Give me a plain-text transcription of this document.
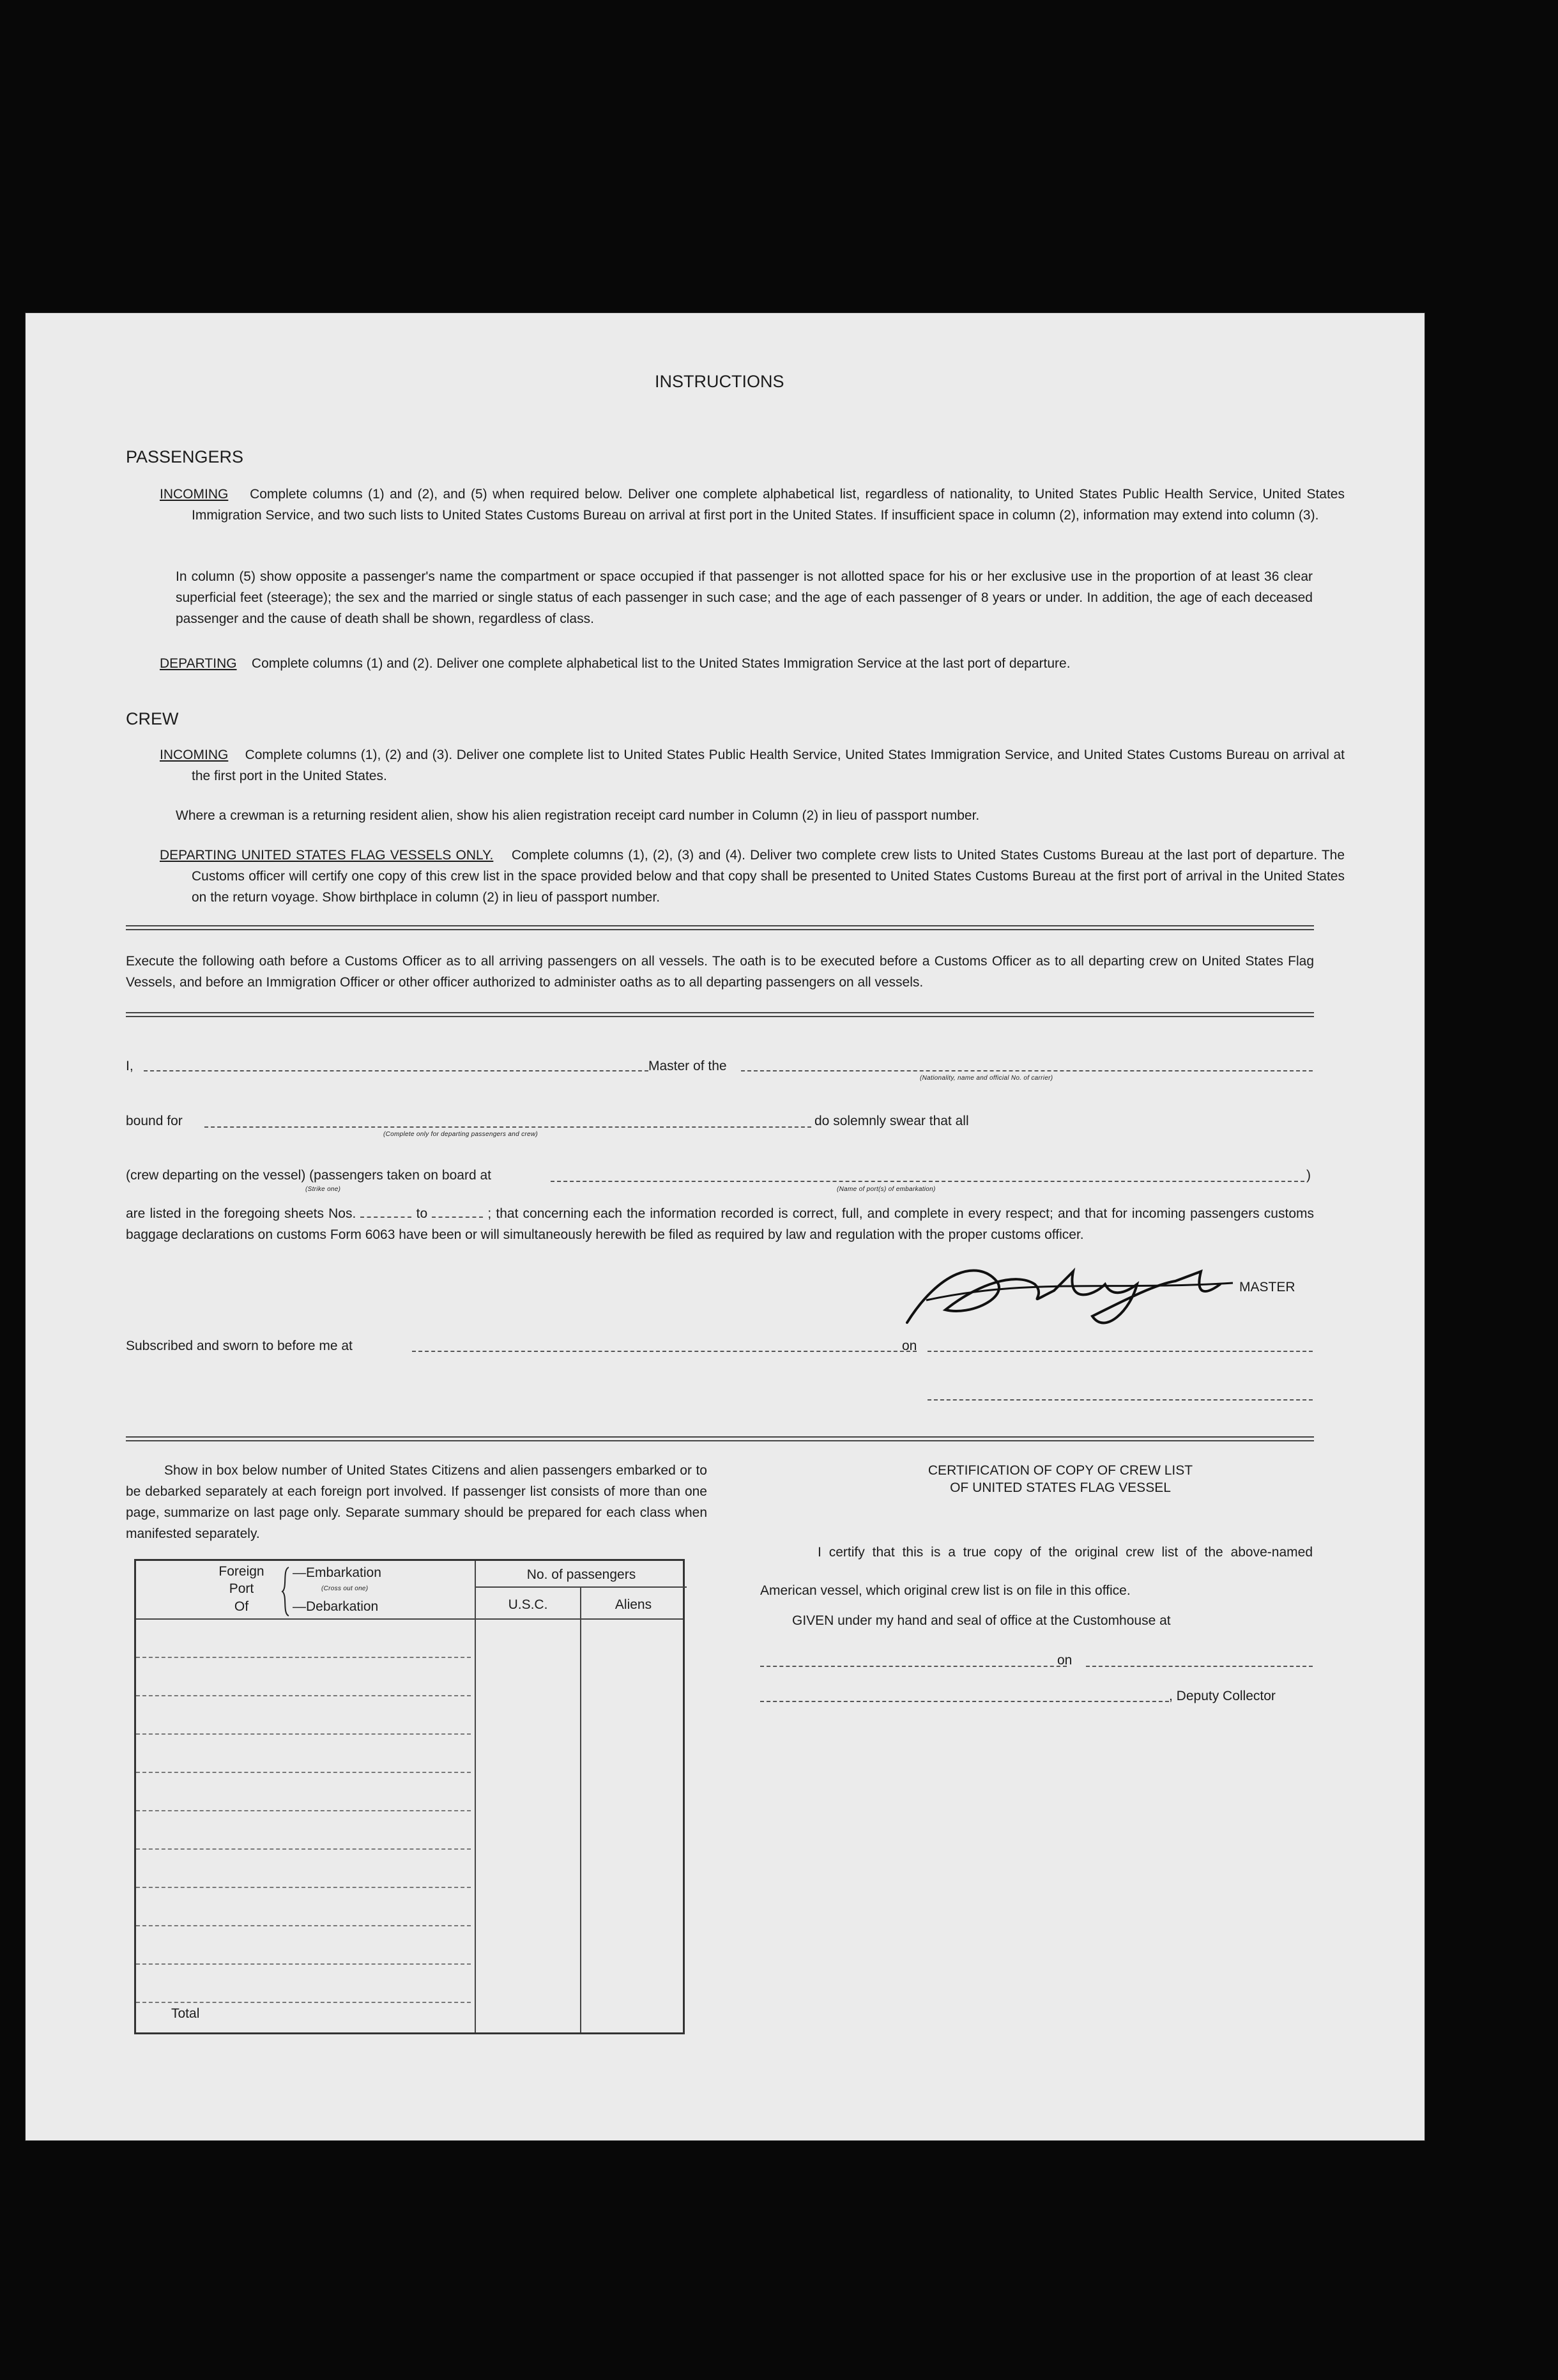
INSTRUCTIONS
PASSENGERS
INCOMING Complete columns (1) and (2), and (5) when required below. Deliver one complete alphabetical list, regardless of nationality, to United States Public Health Service, United States Immigration Service, and two such lists to United States Customs Bureau on arrival at first port in the United States. If insufficient space in column (2), information may extend into column (3).
In column (5) show opposite a passenger's name the compartment or space occupied if that passenger is not allotted space for his or her exclusive use in the proportion of at least 36 clear superficial feet (steerage); the sex and the married or single status of each passenger in such case; and the age of each passenger of 8 years or under. In addition, the age of each deceased passenger and the cause of death shall be shown, regardless of class.
DEPARTING Complete columns (1) and (2). Deliver one complete alphabetical list to the United States Immigration Service at the last port of departure.
CREW
INCOMING Complete columns (1), (2) and (3). Deliver one complete list to United States Public Health Service, United States Immigration Service, and United States Customs Bureau on arrival at the first port in the United States.
Where a crewman is a returning resident alien, show his alien registration receipt card number in Column (2) in lieu of passport number.
DEPARTING UNITED STATES FLAG VESSELS ONLY. Complete columns (1), (2), (3) and (4). Deliver two complete crew lists to United States Customs Bureau at the last port of departure. The Customs officer will certify one copy of this crew list in the space provided below and that copy shall be presented to United States Customs Bureau at the first port of arrival in the United States on the return voyage. Show birthplace in column (2) in lieu of passport number.
Execute the following oath before a Customs Officer as to all arriving passengers on all vessels. The oath is to be executed before a Customs Officer as to all departing crew on United States Flag Vessels, and before an Immigration Officer or other officer authorized to administer oaths as to all departing passengers on all vessels.
I,	Master of the
(Nationality, name and official No. of carrier)
bound for
(Complete only for departing passengers and crew)
do solemnly swear that all
(crew departing on the vessel) (passengers taken on board at	)
(Strike one)	(Name of port(s) of embarkation)
are listed in the foregoing sheets Nos.	to	; that concerning each the information recorded is correct, full, and complete in every respect; and that for incoming passengers customs baggage declarations on customs Form 6063 have been or will simultaneously herewith be filed as required by law and regulation with the proper customs officer.
MASTER
Subscribed and sworn to before me at	on
Show in box below number of United States Citizens and alien passengers embarked or to be debarked separately at each foreign port involved. If passenger list consists of more than one page, summarize on last page only. Separate summary should be prepared for each class when manifested separately.
Foreign
Port
Of
—Embarkation
(Cross out one)
—Debarkation
No. of passengers
U.S.C.	Aliens
Total
CERTIFICATION OF COPY OF CREW LIST
OF UNITED STATES FLAG VESSEL
I certify that this is a true copy of the original crew list of the above-named American vessel, which original crew list is on file in this office.
GIVEN under my hand and seal of office at the Customhouse at
on
, Deputy Collector
